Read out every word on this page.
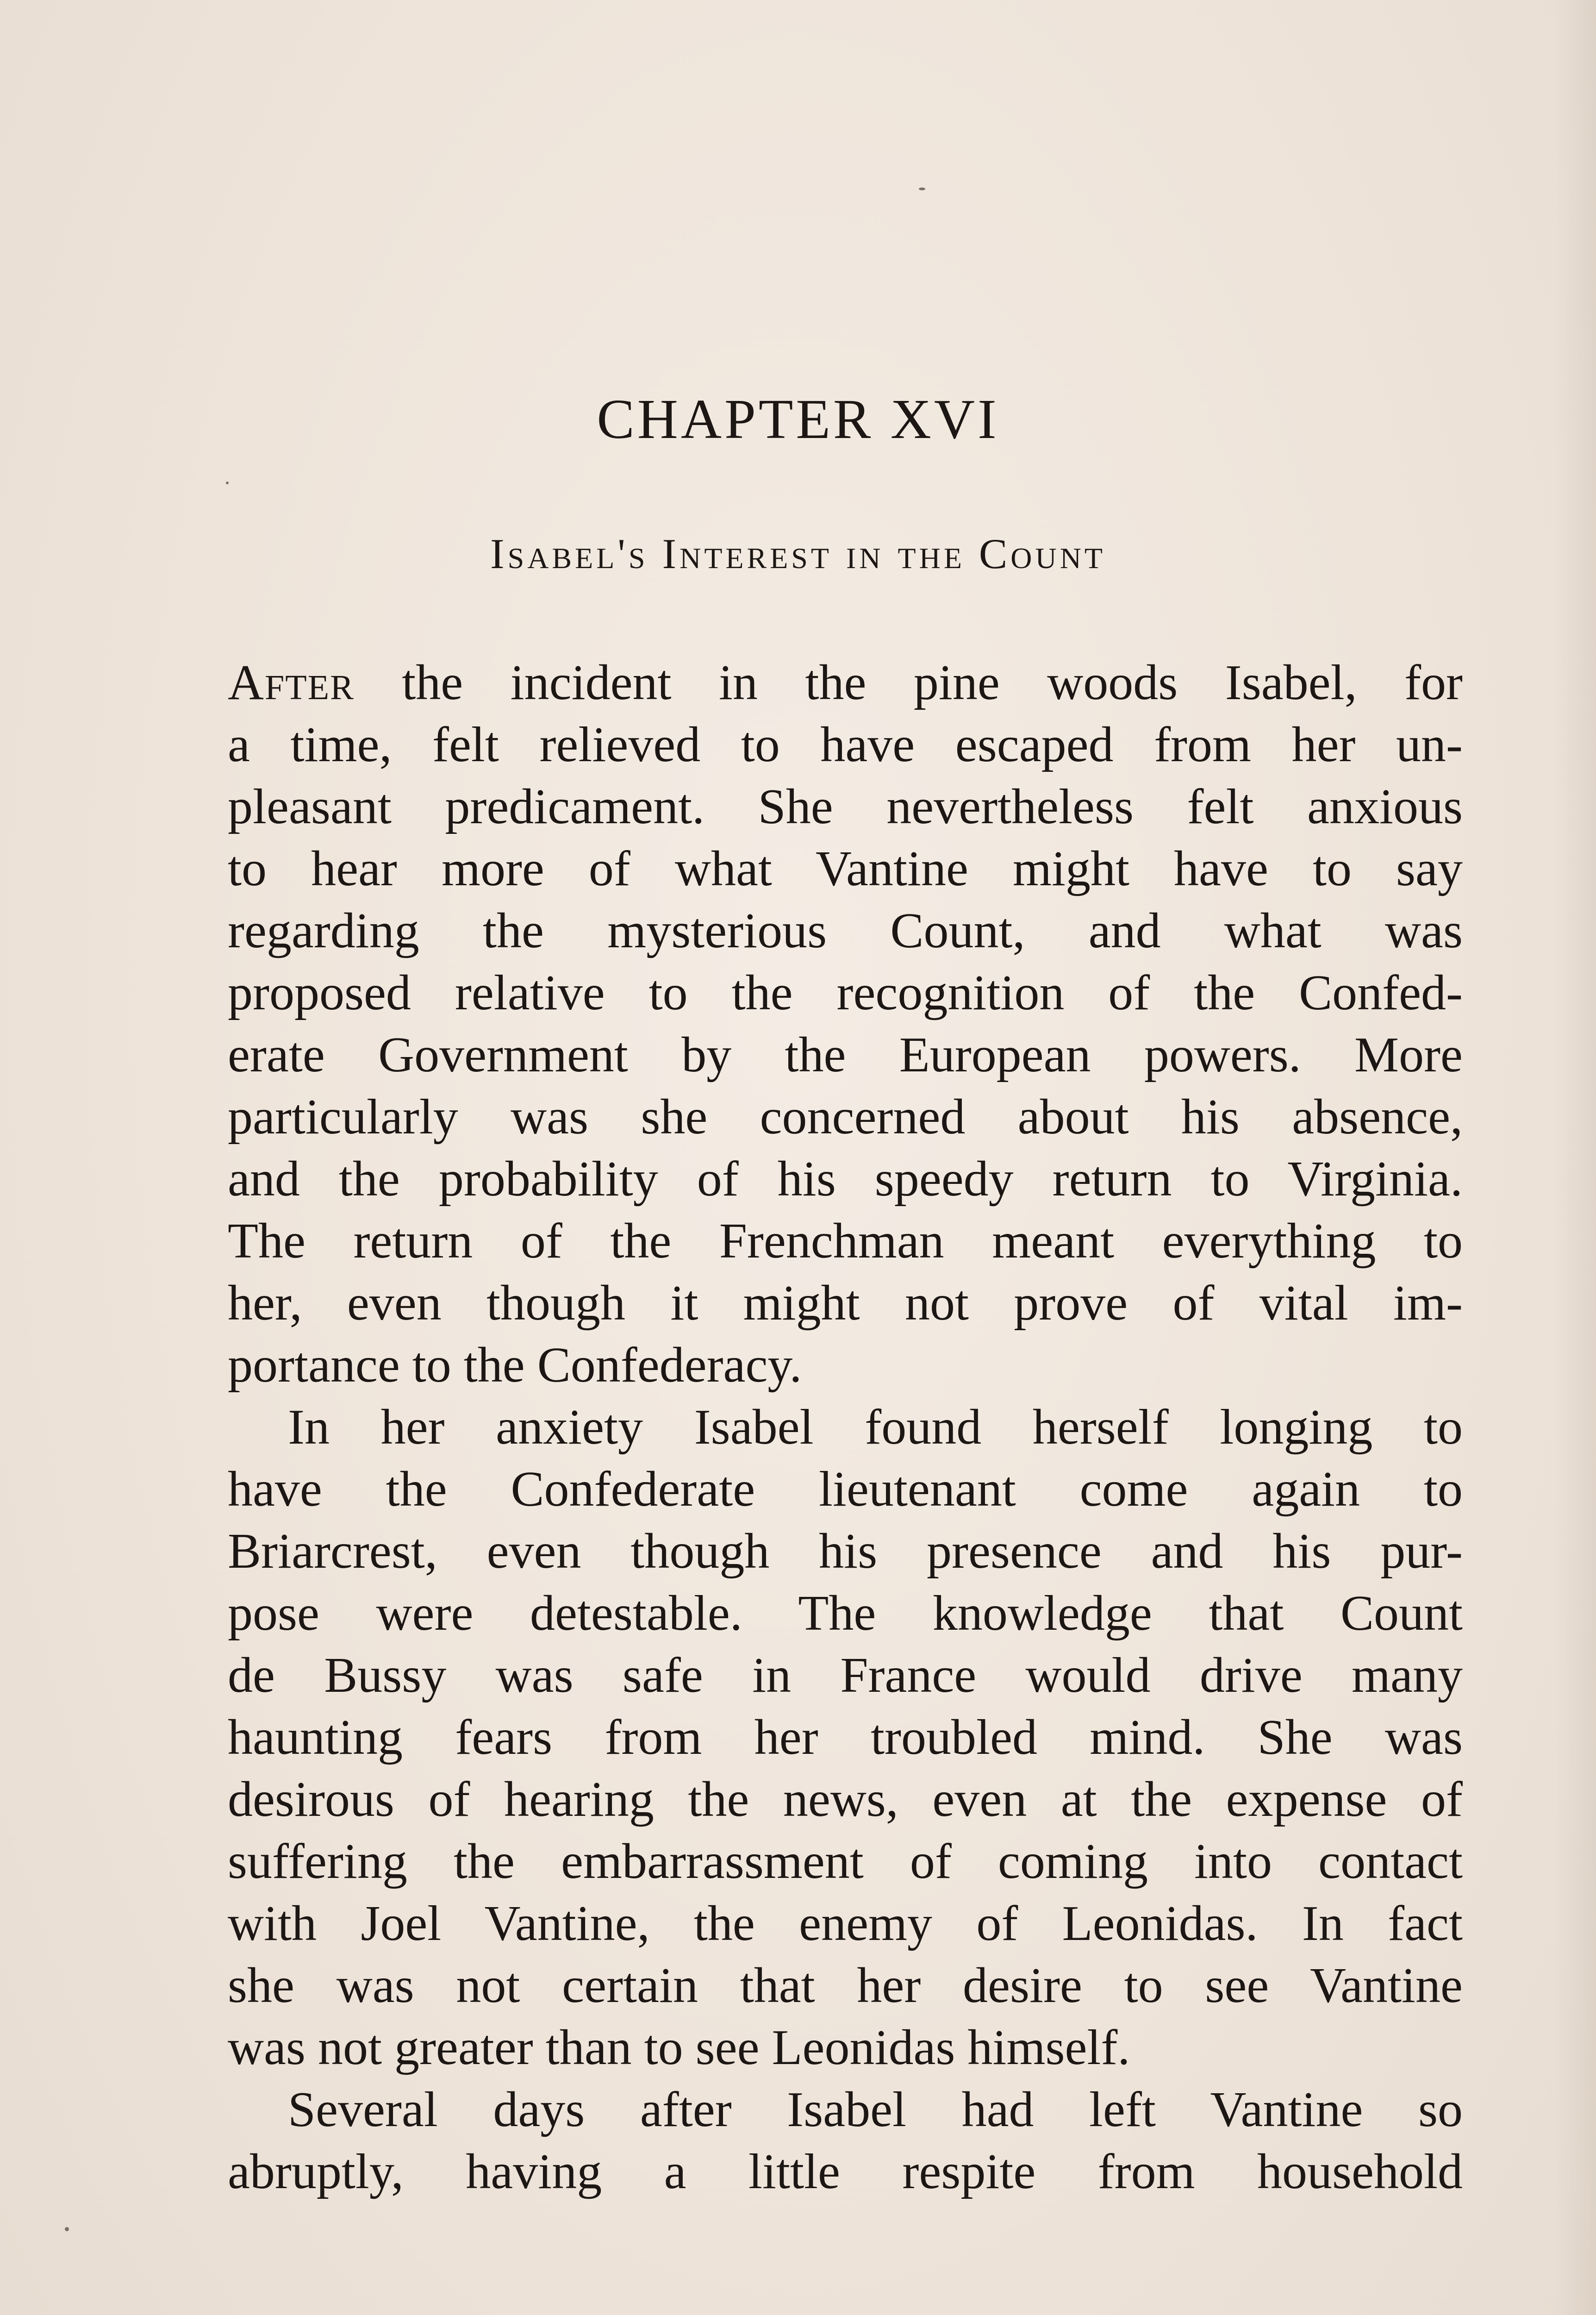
CHAPTER XVI
Isabel's Interest in the Count
After the incident in the pine woods Isabel, for
a time, felt relieved to have escaped from her un-
pleasant predicament. She nevertheless felt anxious
to hear more of what Vantine might have to say
regarding the mysterious Count, and what was
proposed relative to the recognition of the Confed-
erate Government by the European powers. More
particularly was she concerned about his absence,
and the probability of his speedy return to Virginia.
The return of the Frenchman meant everything to
her, even though it might not prove of vital im-
portance to the Confederacy.
In her anxiety Isabel found herself longing to
have the Confederate lieutenant come again to
Briarcrest, even though his presence and his pur-
pose were detestable. The knowledge that Count
de Bussy was safe in France would drive many
haunting fears from her troubled mind. She was
desirous of hearing the news, even at the expense of
suffering the embarrassment of coming into contact
with Joel Vantine, the enemy of Leonidas. In fact
she was not certain that her desire to see Vantine
was not greater than to see Leonidas himself.
Several days after Isabel had left Vantine so
abruptly, having a little respite from household
